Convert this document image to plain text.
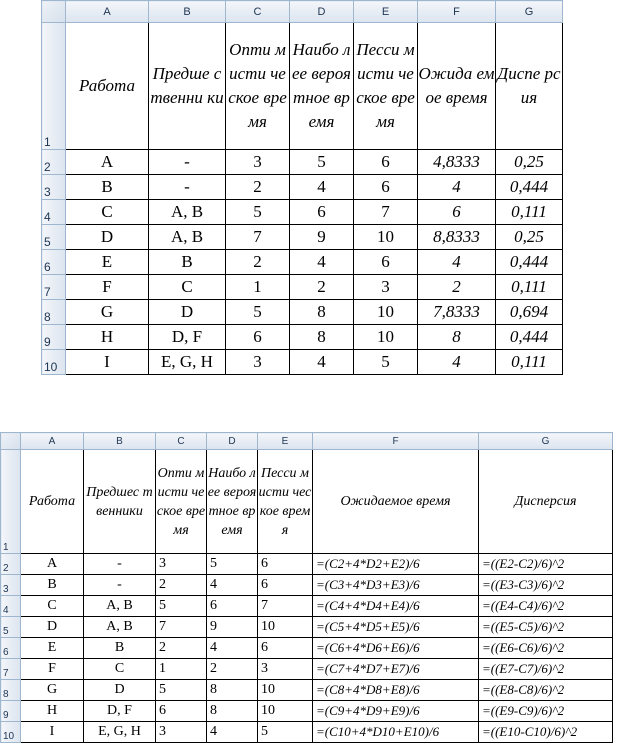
	A	B	C	D	E	F	G
1	Работа	Предше ственни ки	Опти мисти ческое время	Наибо лее вероя тное время	Песси мисти ческое время	Ожида емое время	Диспе рсия
2	A	-	3	5	6	4,8333	0,25
3	B	-	2	4	6	4	0,444
4	C	A, B	5	6	7	6	0,111
5	D	A, B	7	9	10	8,8333	0,25
6	E	B	2	4	6	4	0,444
7	F	C	1	2	3	2	0,111
8	G	D	5	8	10	7,8333	0,694
9	H	D, F	6	8	10	8	0,444
10	I	E, G, H	3	4	5	4	0,111
	A	B	C	D	E	F	G
1	Работа	Предшес твенники	Опти мисти ческое время	Наибо лее вероя тное время	Песси мисти ческое время	Ожидаемое время	Дисперсия
2	A	-	3	5	6	=(C2+4*D2+E2)/6	=((E2-C2)/6)^2
3	B	-	2	4	6	=(C3+4*D3+E3)/6	=((E3-C3)/6)^2
4	C	A, B	5	6	7	=(C4+4*D4+E4)/6	=((E4-C4)/6)^2
5	D	A, B	7	9	10	=(C5+4*D5+E5)/6	=((E5-C5)/6)^2
6	E	B	2	4	6	=(C6+4*D6+E6)/6	=((E6-C6)/6)^2
7	F	C	1	2	3	=(C7+4*D7+E7)/6	=((E7-C7)/6)^2
8	G	D	5	8	10	=(C8+4*D8+E8)/6	=((E8-C8)/6)^2
9	H	D, F	6	8	10	=(C9+4*D9+E9)/6	=((E9-C9)/6)^2
10	I	E, G, H	3	4	5	=(C10+4*D10+E10)/6	=((E10-C10)/6)^2
